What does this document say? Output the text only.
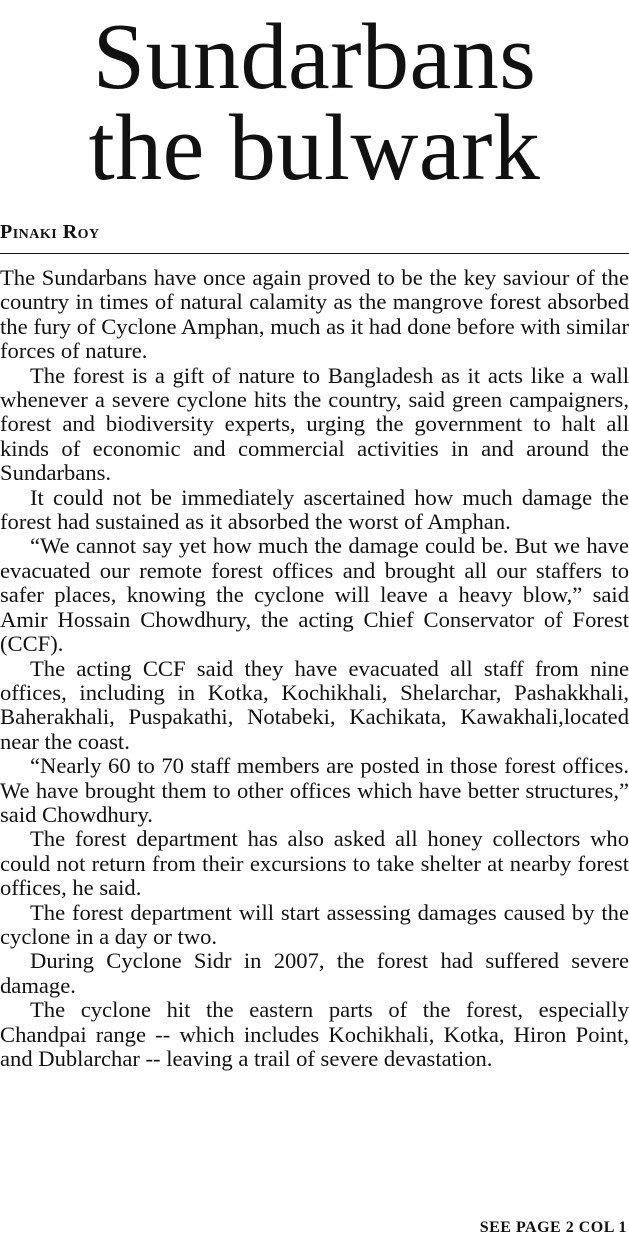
Sundarbans
the bulwark
Pinaki Roy

The Sundarbans have once again proved to be the key saviour of the country in times of natural calamity as the mangrove forest absorbed the fury of Cyclone Amphan, much as it had done before with similar forces of nature.

The forest is a gift of nature to Bangladesh as it acts like a wall whenever a severe cyclone hits the country, said green campaigners, forest and biodiversity experts, urging the government to halt all kinds of economic and commercial activities in and around the Sundarbans.

It could not be immediately ascertained how much damage the forest had sustained as it absorbed the worst of Amphan.

“We cannot say yet how much the damage could be. But we have evacuated our remote forest offices and brought all our staffers to safer places, knowing the cyclone will leave a heavy blow,” said Amir Hossain Chowdhury, the acting Chief Conservator of Forest (CCF).

The acting CCF said they have evacuated all staff from nine offices, including in Kotka, Kochikhali, Shelarchar, Pashakkhali, Baherakhali, Puspakathi, Notabeki, Kachikata, Kawakhali,located near the coast.

“Nearly 60 to 70 staff members are posted in those forest offices. We have brought them to other offices which have better structures,” said Chowdhury.

The forest department has also asked all honey collectors who could not return from their excursions to take shelter at nearby forest offices, he said.

The forest department will start assessing damages caused by the cyclone in a day or two.

During Cyclone Sidr in 2007, the forest had suffered severe damage.

The cyclone hit the eastern parts of the forest, especially Chandpai range -- which includes Kochikhali, Kotka, Hiron Point, and Dublarchar -- leaving a trail of severe devastation.

SEE PAGE 2 COL 1
